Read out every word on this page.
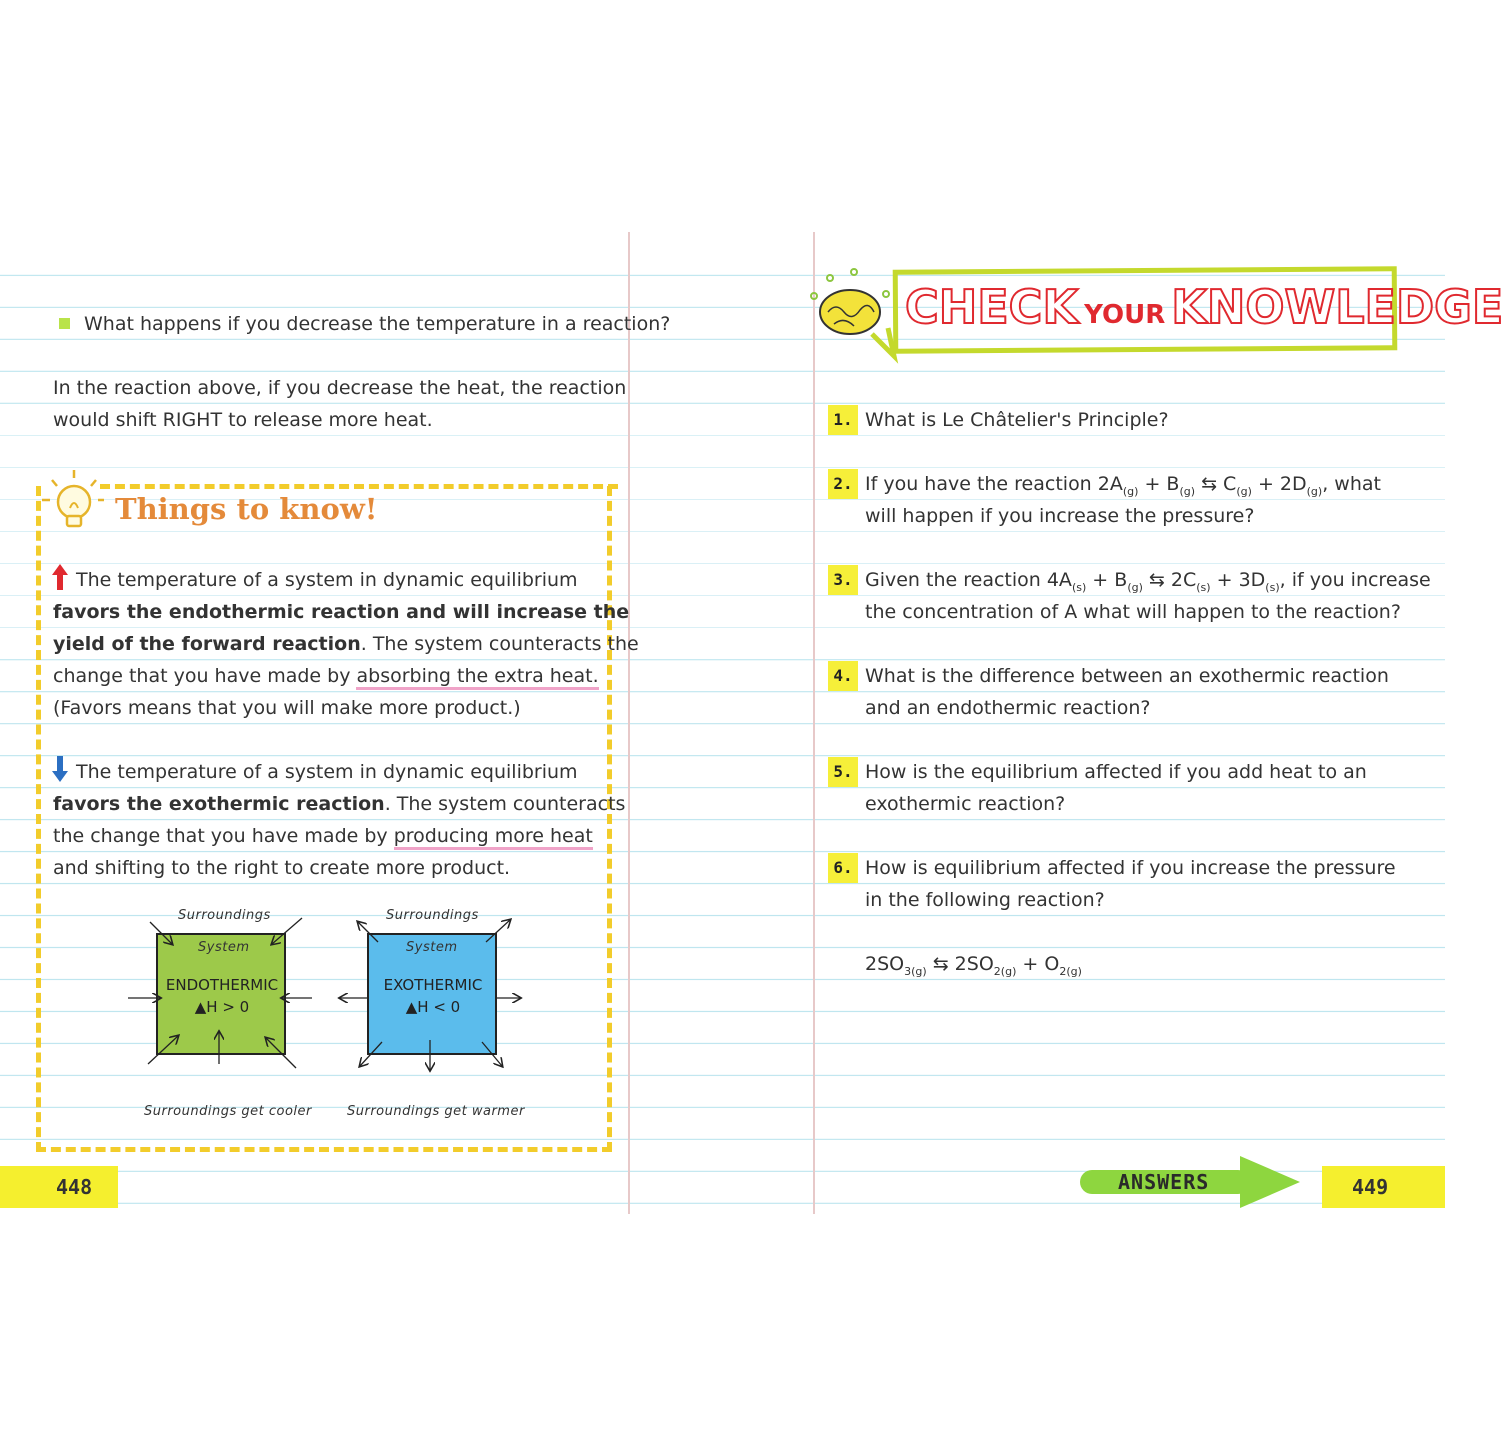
What happens if you decrease the temperature in a reaction?
In the reaction above, if you decrease the heat, the reaction
would shift RIGHT to release more heat.
Things to know!
The temperature of a system in dynamic equilibrium
favors the endothermic reaction and will increase the
yield of the forward reaction. The system counteracts the
change that you have made by absorbing the extra heat.
(Favors means that you will make more product.)
The temperature of a system in dynamic equilibrium
favors the exothermic reaction. The system counteracts
the change that you have made by producing more heat
and shifting to the right to create more product.
Surroundings
System
ENDOTHERMIC
▲H > 0
Surroundings get cooler
Surroundings
System
EXOTHERMIC
▲H < 0
Surroundings get warmer
448
CHECK YOUR KNOWLEDGE
1. What is Le Châtelier's Principle?
2. If you have the reaction $2A_{(g)} + B_{(g)}$ ⇆ $C_{(g)} + 2D_{(g)}$, what
will happen if you increase the pressure?
3. Given the reaction $4A_{(s)} + B_{(g)}$ ⇆ $2C_{(s)} + 3D_{(s)}$, if you increase
the concentration of A what will happen to the reaction?
4. What is the difference between an exothermic reaction
and an endothermic reaction?
5. How is the equilibrium affected if you add heat to an
exothermic reaction?
6. How is equilibrium affected if you increase the pressure
in the following reaction?
$2SO_{3(g)}$ ⇆ $2SO_{2(g)} + O_{2(g)}$
ANSWERS	449
